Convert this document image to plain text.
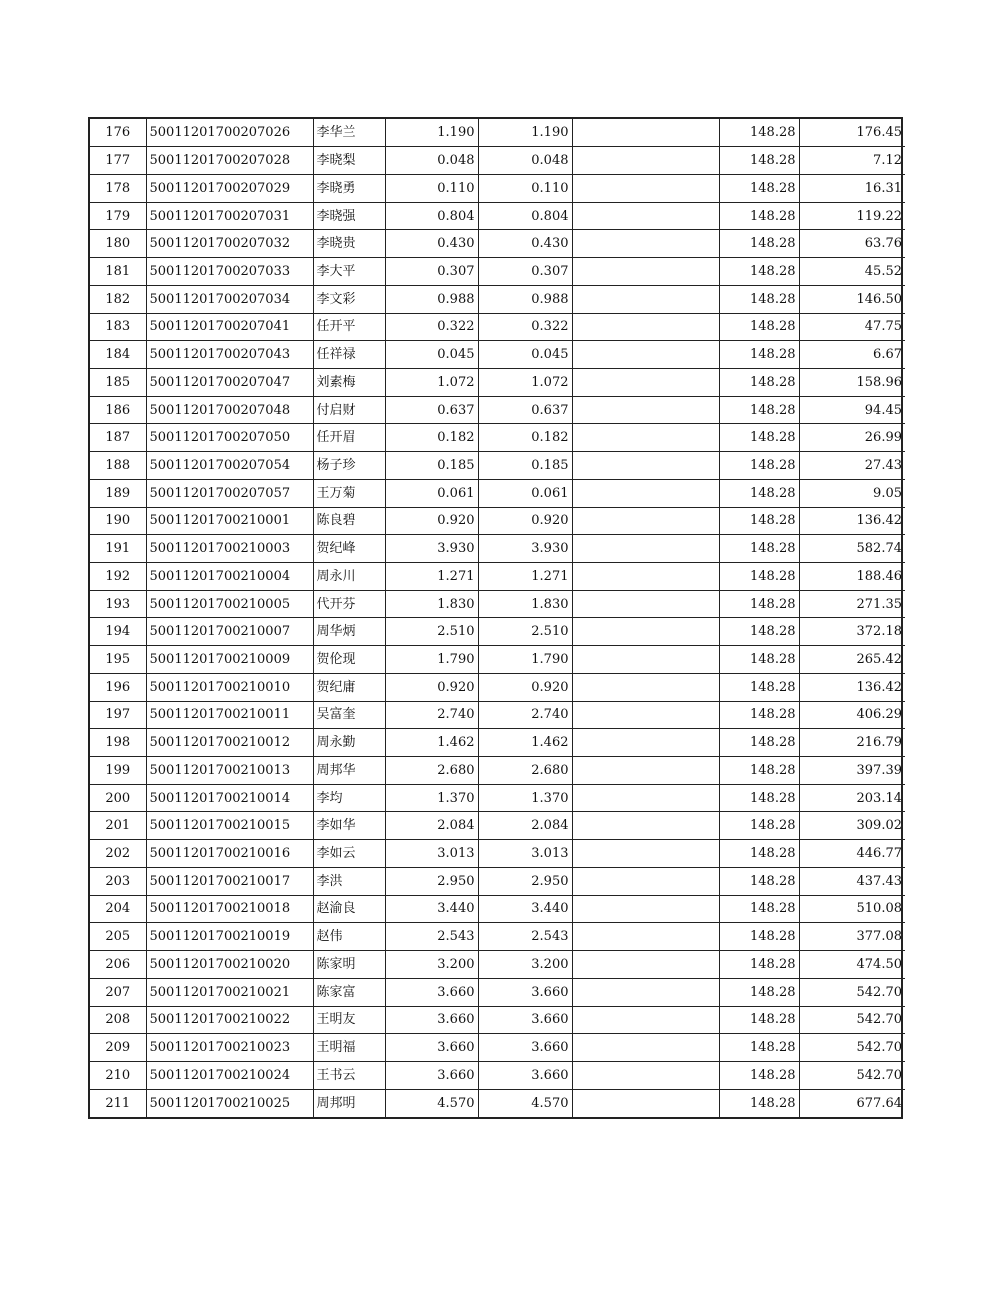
176	50011201700207026	李华兰	1.190	1.190		148.28	176.45
177	50011201700207028	李晓梨	0.048	0.048		148.28	7.12
178	50011201700207029	李晓勇	0.110	0.110		148.28	16.31
179	50011201700207031	李晓强	0.804	0.804		148.28	119.22
180	50011201700207032	李晓贵	0.430	0.430		148.28	63.76
181	50011201700207033	李大平	0.307	0.307		148.28	45.52
182	50011201700207034	李文彩	0.988	0.988		148.28	146.50
183	50011201700207041	任开平	0.322	0.322		148.28	47.75
184	50011201700207043	任祥禄	0.045	0.045		148.28	6.67
185	50011201700207047	刘素梅	1.072	1.072		148.28	158.96
186	50011201700207048	付启财	0.637	0.637		148.28	94.45
187	50011201700207050	任开眉	0.182	0.182		148.28	26.99
188	50011201700207054	杨子珍	0.185	0.185		148.28	27.43
189	50011201700207057	王万菊	0.061	0.061		148.28	9.05
190	50011201700210001	陈良碧	0.920	0.920		148.28	136.42
191	50011201700210003	贺纪峰	3.930	3.930		148.28	582.74
192	50011201700210004	周永川	1.271	1.271		148.28	188.46
193	50011201700210005	代开芬	1.830	1.830		148.28	271.35
194	50011201700210007	周华炳	2.510	2.510		148.28	372.18
195	50011201700210009	贺伦现	1.790	1.790		148.28	265.42
196	50011201700210010	贺纪庸	0.920	0.920		148.28	136.42
197	50011201700210011	吴富奎	2.740	2.740		148.28	406.29
198	50011201700210012	周永勤	1.462	1.462		148.28	216.79
199	50011201700210013	周邦华	2.680	2.680		148.28	397.39
200	50011201700210014	李均	1.370	1.370		148.28	203.14
201	50011201700210015	李如华	2.084	2.084		148.28	309.02
202	50011201700210016	李如云	3.013	3.013		148.28	446.77
203	50011201700210017	李洪	2.950	2.950		148.28	437.43
204	50011201700210018	赵渝良	3.440	3.440		148.28	510.08
205	50011201700210019	赵伟	2.543	2.543		148.28	377.08
206	50011201700210020	陈家明	3.200	3.200		148.28	474.50
207	50011201700210021	陈家富	3.660	3.660		148.28	542.70
208	50011201700210022	王明友	3.660	3.660		148.28	542.70
209	50011201700210023	王明福	3.660	3.660		148.28	542.70
210	50011201700210024	王书云	3.660	3.660		148.28	542.70
211	50011201700210025	周邦明	4.570	4.570		148.28	677.64
